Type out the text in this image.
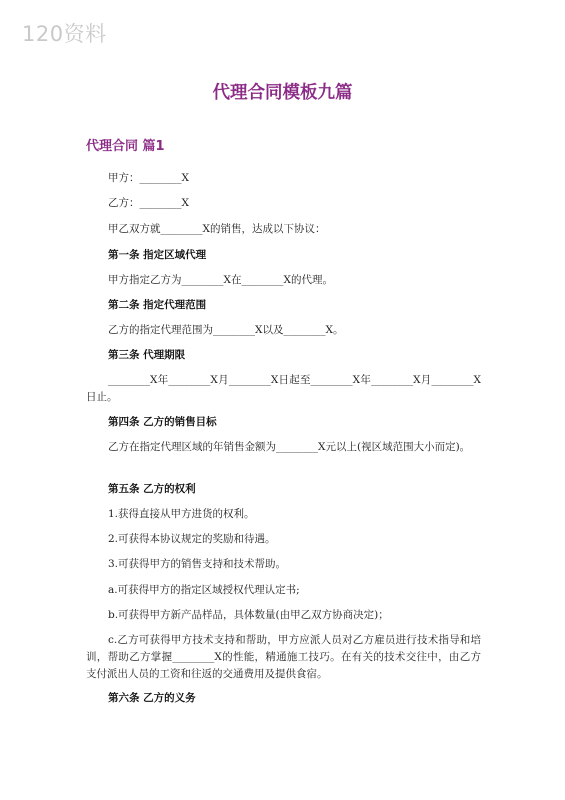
120资料
代理合同模板九篇
代理合同 篇1
甲方：________X
乙方：________X
甲乙双方就________X的销售，达成以下协议：
第一条 指定区域代理
甲方指定乙方为________X在________X的代理。
第二条 指定代理范围
乙方的指定代理范围为________X以及________X。
第三条 代理期限
________X年________X月________X日起至________X年________X月________X日止。
第四条 乙方的销售目标
乙方在指定代理区域的年销售金额为________X元以上(视区域范围大小而定)。
第五条 乙方的权利
1.获得直接从甲方进货的权利。
2.可获得本协议规定的奖励和待遇。
3.可获得甲方的销售支持和技术帮助。
a.可获得甲方的指定区域授权代理认定书;
b.可获得甲方新产品样品，具体数量(由甲乙双方协商决定)；
c.乙方可获得甲方技术支持和帮助，甲方应派人员对乙方雇员进行技术指导和培训，帮助乙方掌握________X的性能，精通施工技巧。在有关的技术交往中，由乙方支付派出人员的工资和往返的交通费用及提供食宿。
第六条 乙方的义务
